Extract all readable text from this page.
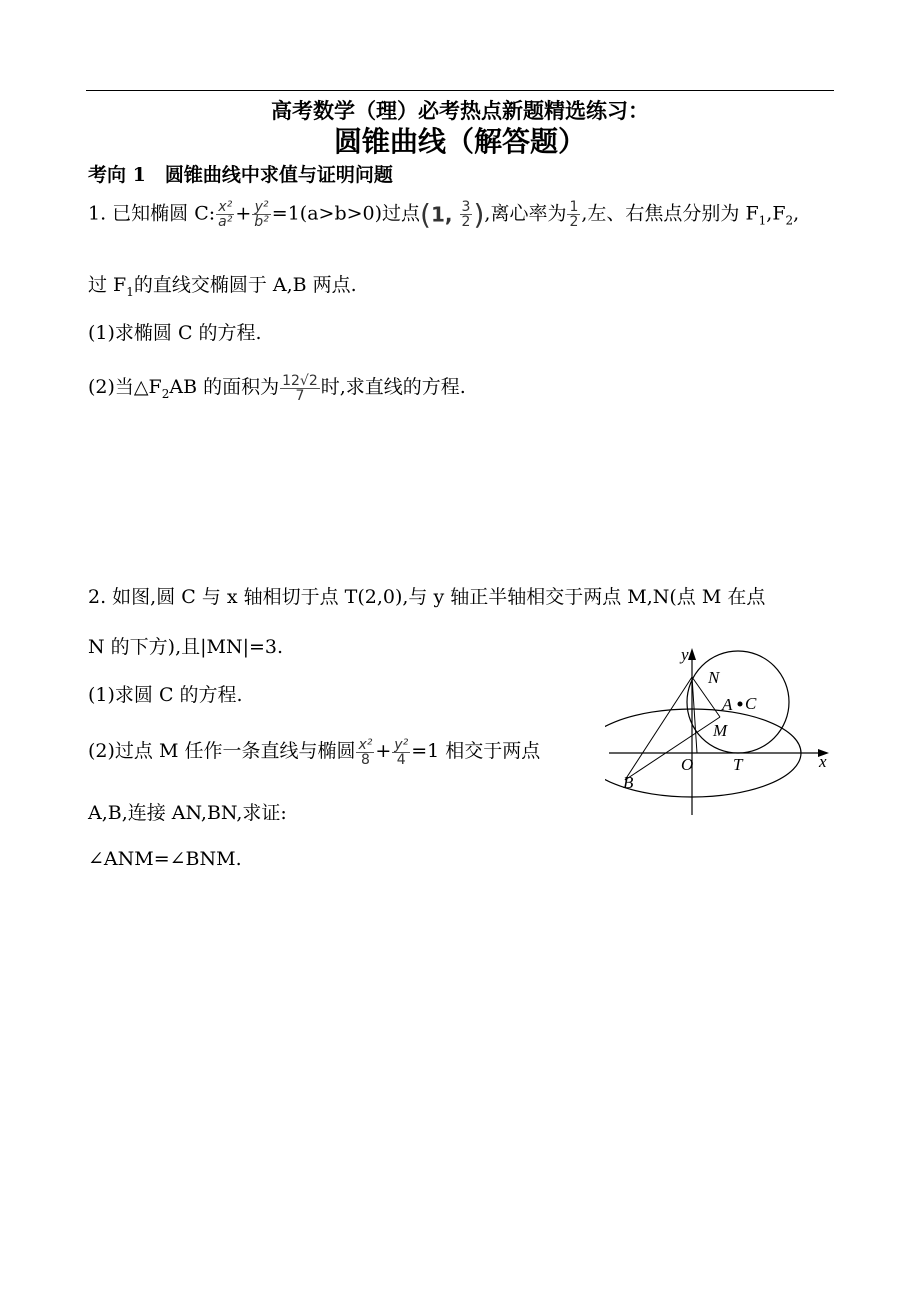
高考数学（理）必考热点新题精选练习：
圆锥曲线（解答题）
考向 1　圆锥曲线中求值与证明问题
1. 已知椭圆 C: $\frac{\text{x²}}{\text{a²}} + \frac{\text{y²}}{\text{b²}} =1(a>b>0)$过点(1, $\frac{3}{2}$ ),离心率为 $\frac{1}{2}$ ,左、右焦点分别为 $F_1,F_2$,
过 $F_1$的直线交椭圆于 A,B 两点.
(1)求椭圆 C 的方程.
(2)当$\triangle F_2AB$ 的面积为 $\frac{12√2}{7}$ 时,求直线的方程.
2. 如图,圆 C 与 x 轴相切于点 T(2,0),与 y 轴正半轴相交于两点 M,N(点 M 在点
N 的下方),且|MN|=3.
(1)求圆 C 的方程.
(2)过点 M 任作一条直线与椭圆 $\frac{\text{x²}}{8} + \frac{\text{y²}}{4} =1$ 相交于两点
A,B,连接 AN,BN,求证:
∠ANM=∠BNM.
y
x
N
A C
M
O T
B
